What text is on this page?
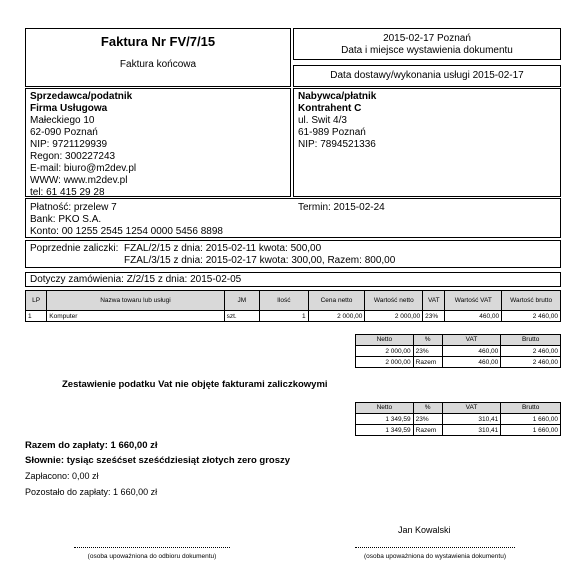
Faktura Nr FV/7/15
Faktura końcowa
2015-02-17 Poznań
Data i miejsce wystawienia dokumentu
Data dostawy/wykonania usługi 2015-02-17
Sprzedawca/podatnik
Firma Usługowa
Małeckiego 10
62-090 Poznań
NIP: 9721129939
Regon: 300227243
E-mail: biuro@m2dev.pl
WWW: www.m2dev.pl
tel: 61 415 29 28
Nabywca/płatnik
Kontrahent C
ul. Swit 4/3
61-989 Poznań
NIP: 7894521336
Płatność: przelew 7	Termin: 2015-02-24
Bank: PKO S.A.
Konto: 00 1255 2545 1254 0000 5456 8898
Poprzednie zaliczki: FZAL/2/15 z dnia: 2015-02-11 kwota: 500,00
FZAL/3/15 z dnia: 2015-02-17 kwota: 300,00, Razem: 800,00
Dotyczy zamówienia: Z/2/15 z dnia: 2015-02-05
LP	Nazwa towaru lub usługi	JM	Ilość	Cena netto	Wartość netto	VAT	Wartość VAT	Wartość brutto
1	Komputer	szt.	1	2 000,00	2 000,00	23%	460,00	2 460,00
Netto	%	VAT	Brutto
2 000,00	23%	460,00	2 460,00
2 000,00	Razem	460,00	2 460,00
Zestawienie podatku Vat nie objęte fakturami zaliczkowymi
Netto	%	VAT	Brutto
1 349,59	23%	310,41	1 660,00
1 349,59	Razem	310,41	1 660,00
Razem do zapłaty: 1 660,00 zł
Słownie: tysiąc sześćset sześćdziesiąt złotych zero groszy
Zapłacono: 0,00 zł
Pozostało do zapłaty: 1 660,00 zł
Jan Kowalski
(osoba upoważniona do odbioru dokumentu)	(osoba upoważniona do wystawienia dokumentu)
